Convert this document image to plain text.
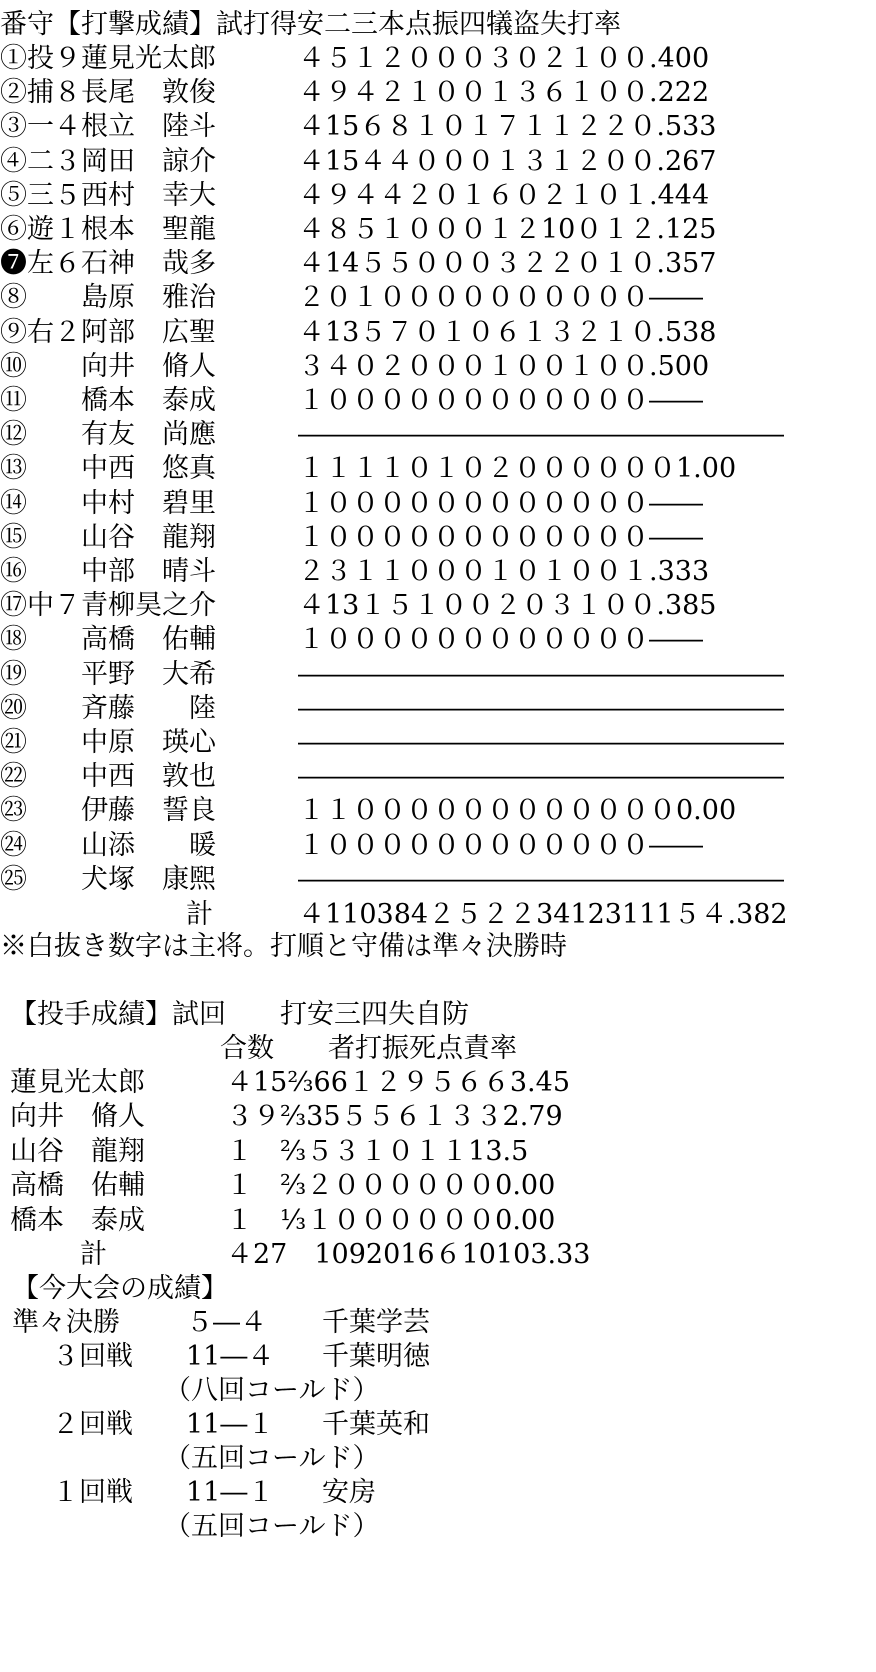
番守【打撃成績】試打得安二三本点振四犠盗失打率
①投９蓮見光太郎	４５１２０００３０２１００.400
②捕８長尾　敦俊	４９４２１００１３６１００.222
③一４根立　陸斗	４15６８１０１７１１２２０.533
④二３岡田　諒介	４15４４０００１３１２００.267
⑤三５西村　幸大	４９４４２０１６０２１０１.444
⑥遊１根本　聖龍	４８５１０００１２10０１２.125
❼左６石神　哉多	４14５５０００３２２０１０.357
⑧　　島原　雅治	２０１００００００００００――
⑨右２阿部　広聖	４13５７０１０６１３２１０.538
⑩　　向井　脩人	３４０２０００１００１００.500
⑪　　橋本　泰成	１００００００００００００――
⑫　　有友　尚應	――――――――――――――――――
⑬　　中西　悠真	１１１１０１０２００００００1.00
⑭　　中村　碧里	１００００００００００００――
⑮　　山谷　龍翔	１００００００００００００――
⑯　　中部　晴斗	２３１１０００１０１００１.333
⑰中７青柳昊之介	４13１５１００２０３１００.385
⑱　　高橋　佑輔	１００００００００００００――
⑲　　平野　大希	――――――――――――――――――
⑳　　斉藤　　陸	――――――――――――――――――
㉑　　中原　瑛心	――――――――――――――――――
㉒　　中西　敦也	――――――――――――――――――
㉓　　伊藤　誓良	１１００００００００００００0.00
㉔　　山添　　暖	１００００００００００００――
㉕　　犬塚　康煕	――――――――――――――――――
計	４110384２５２２34123111５４.382
※白抜き数字は主将。打順と守備は準々決勝時
【投手成績】試回　　打安三四失自防
合数　　者打振死点責率
蓮見光太郎	４15⅔66１２９５６６3.45
向井　脩人	３９⅔35５５６１３３2.79
山谷　龍翔	１　⅔５３１０１１13.5
高橋　佑輔	１　⅔２００００００0.00
橋本　泰成	１　⅓１００００００0.00
計	４27　1092016６10103.33
【今大会の成績】
準々決勝 ５―４ 千葉学芸
３回戦 11―４ 千葉明徳
（八回コールド）
２回戦 11―１ 千葉英和
（五回コールド）
１回戦 11―１ 安房
（五回コールド）
